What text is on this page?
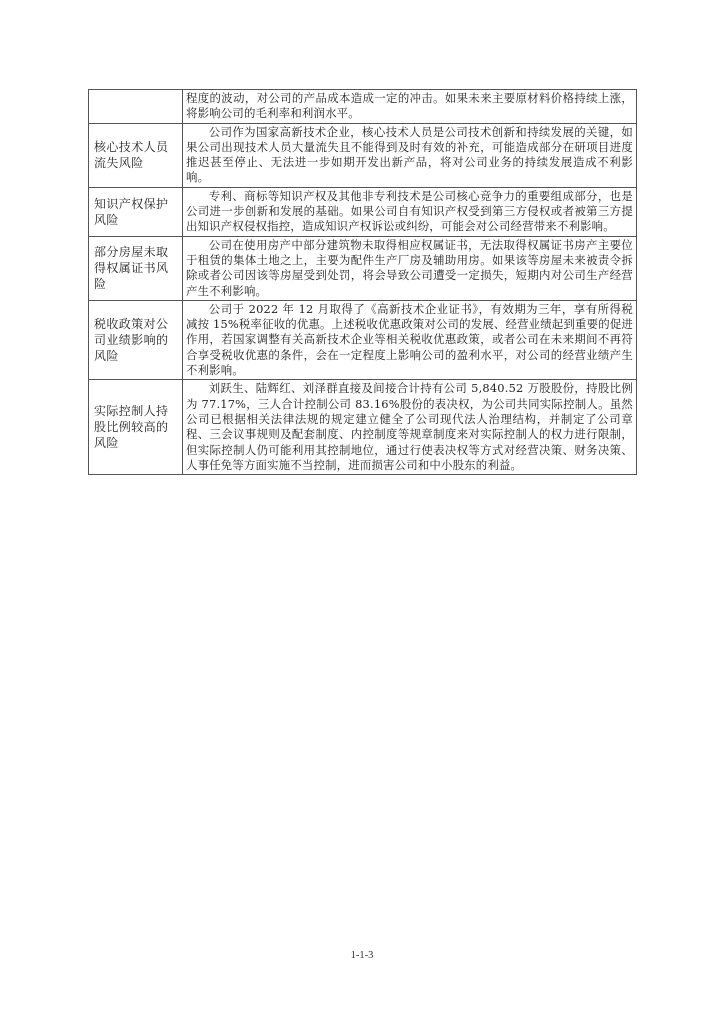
	程度的波动，对公司的产品成本造成一定的冲击。如果未来主要原材料价格持续上涨，将影响公司的毛利率和利润水平。
核心技术人员流失风险	公司作为国家高新技术企业，核心技术人员是公司技术创新和持续发展的关键，如果公司出现技术人员大量流失且不能得到及时有效的补充，可能造成部分在研项目进度推迟甚至停止、无法进一步如期开发出新产品，将对公司业务的持续发展造成不利影响。
知识产权保护风险	专利、商标等知识产权及其他非专利技术是公司核心竞争力的重要组成部分，也是公司进一步创新和发展的基础。如果公司自有知识产权受到第三方侵权或者被第三方提出知识产权侵权指控，造成知识产权诉讼或纠纷，可能会对公司经营带来不利影响。
部分房屋未取得权属证书风险	公司在使用房产中部分建筑物未取得相应权属证书，无法取得权属证书房产主要位于租赁的集体土地之上，主要为配件生产厂房及辅助用房。如果该等房屋未来被责令拆除或者公司因该等房屋受到处罚，将会导致公司遭受一定损失，短期内对公司生产经营产生不利影响。
税收政策对公司业绩影响的风险	公司于 2022 年 12 月取得了《高新技术企业证书》，有效期为三年，享有所得税减按 15%税率征收的优惠。上述税收优惠政策对公司的发展、经营业绩起到重要的促进作用，若国家调整有关高新技术企业等相关税收优惠政策，或者公司在未来期间不再符合享受税收优惠的条件，会在一定程度上影响公司的盈利水平，对公司的经营业绩产生不利影响。
实际控制人持股比例较高的风险	刘跃生、陆辉红、刘泽群直接及间接合计持有公司 5,840.52 万股股份，持股比例为 77.17%，三人合计控制公司 83.16%股份的表决权，为公司共同实际控制人。虽然公司已根据相关法律法规的规定建立健全了公司现代法人治理结构，并制定了公司章程、三会议事规则及配套制度、内控制度等规章制度来对实际控制人的权力进行限制，但实际控制人仍可能利用其控制地位，通过行使表决权等方式对经营决策、财务决策、人事任免等方面实施不当控制，进而损害公司和中小股东的利益。
1-1-3
